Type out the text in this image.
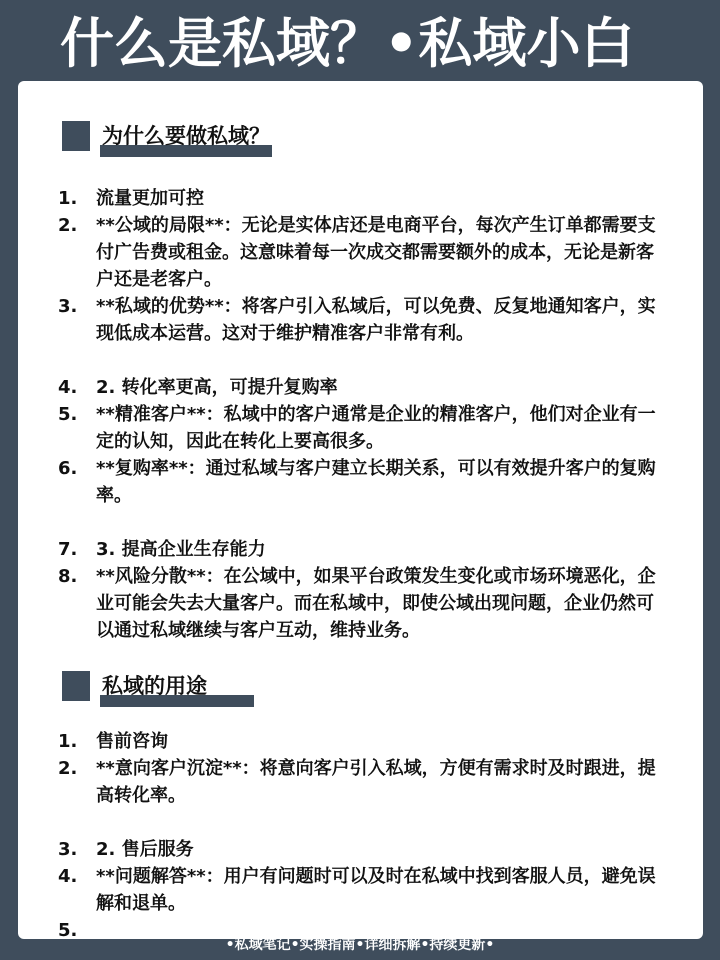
什么是私域？•私域小白
为什么要做私域？
1.	流量更加可控
2.	**公域的局限**：无论是实体店还是电商平台，每次产生订单都需要支付广告费或租金。这意味着每一次成交都需要额外的成本，无论是新客户还是老客户。
3.	**私域的优势**：将客户引入私域后，可以免费、反复地通知客户，实现低成本运营。这对于维护精准客户非常有利。
4.	2. 转化率更高，可提升复购率
5.	**精准客户**：私域中的客户通常是企业的精准客户，他们对企业有一定的认知，因此在转化上要高很多。
6.	**复购率**：通过私域与客户建立长期关系，可以有效提升客户的复购率。
7.	3. 提高企业生存能力
8.	**风险分散**：在公域中，如果平台政策发生变化或市场环境恶化，企业可能会失去大量客户。而在私域中，即使公域出现问题，企业仍然可以通过私域继续与客户互动，维持业务。
私域的用途
1.	售前咨询
2.	**意向客户沉淀**：将意向客户引入私域，方便有需求时及时跟进，提高转化率。
3.	2. 售后服务
4.	**问题解答**：用户有问题时可以及时在私域中找到客服人员，避免误解和退单。
5.
•私域笔记•实操指南•详细拆解•持续更新•
